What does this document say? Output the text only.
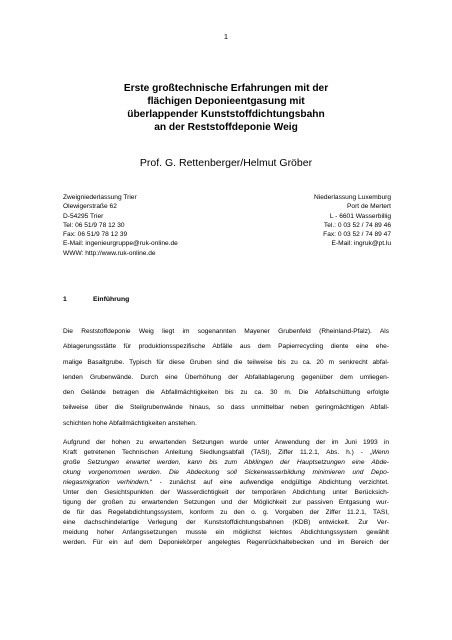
1
Erste großtechnische Erfahrungen mit der
flächigen Deponieentgasung mit
überlappender Kunststoffdichtungsbahn
an der Reststoffdeponie Weig
Prof. G. Rettenberger/Helmut Gröber
Zweigniederlassung Trier
Olewigerstraße 62
D-54295 Trier
Tel: 06 51/9 78 12 30
Fax: 06 51/9 78 12 39
E-Mail: ingenieurgruppe@ruk-online.de
WWW: http://www.ruk-online.de
Niederlassung Luxemburg
Port de Mertert
L - 6601 Wasserbillig
Tel.: 0 03 52 / 74 89 46
Fax: 0 03 52 / 74 89 47
E-Mail: ingruk@pt.lu
1	Einführung
Die Reststoffdeponie Weig liegt im sogenannten Mayener Grubenfeld (Rheinland-Pfalz). Als
Ablagerungsstätte für produktionsspezifische Abfälle aus dem Papierrecycling diente eine ehe-
malige Basaltgrube. Typisch für diese Gruben sind die teilweise bis zu ca. 20 m senkrecht abfal-
lenden Grubenwände. Durch eine Überhöhung der Abfallablagerung gegenüber dem umliegen-
den Gelände betragen die Abfallmächtigkeiten bis zu ca. 30 m. Die Abfallschüttung erfolgte
teilweise über die Steilgrubenwände hinaus, so dass unmittelbar neben geringmächtigen Abfall-
schichten hohe Abfallmächtigkeiten anstehen.
Aufgrund der hohen zu erwartenden Setzungen wurde unter Anwendung der im Juni 1993 in
Kraft getretenen Technischen Anleitung Siedlungsabfall (TASI), Ziffer 11.2.1, Abs. h.) - „Wenn
große Setzungen erwartet werden, kann bis zum Abklingen der Hauptsetzungen eine Abde-
ckung vorgenommen werden. Die Abdeckung soll Sickerwasserbildung minimieren und Depo-
niegasmigration verhindern.“ - zunächst auf eine aufwendige endgültige Abdichtung verzichtet.
Unter den Gesichtspunkten der Wasserdichtigkeit der temporären Abdichtung unter Berücksich-
tigung der großen zu erwartenden Setzungen und der Möglichkeit zur passiven Entgasung wur-
de für das Regelabdichtungssystem, konform zu den o. g. Vorgaben der Ziffer 11.2.1, TASI,
eine dachschindelartige Verlegung der Kunststoffdichtungsbahnen (KDB) entwickelt. Zur Ver-
meidung hoher Anfangssetzungen musste ein möglichst leichtes Abdichtungssystem gewählt
werden. Für ein auf dem Deponiekörper angelegtes Regenrückhaltebecken und im Bereich der
